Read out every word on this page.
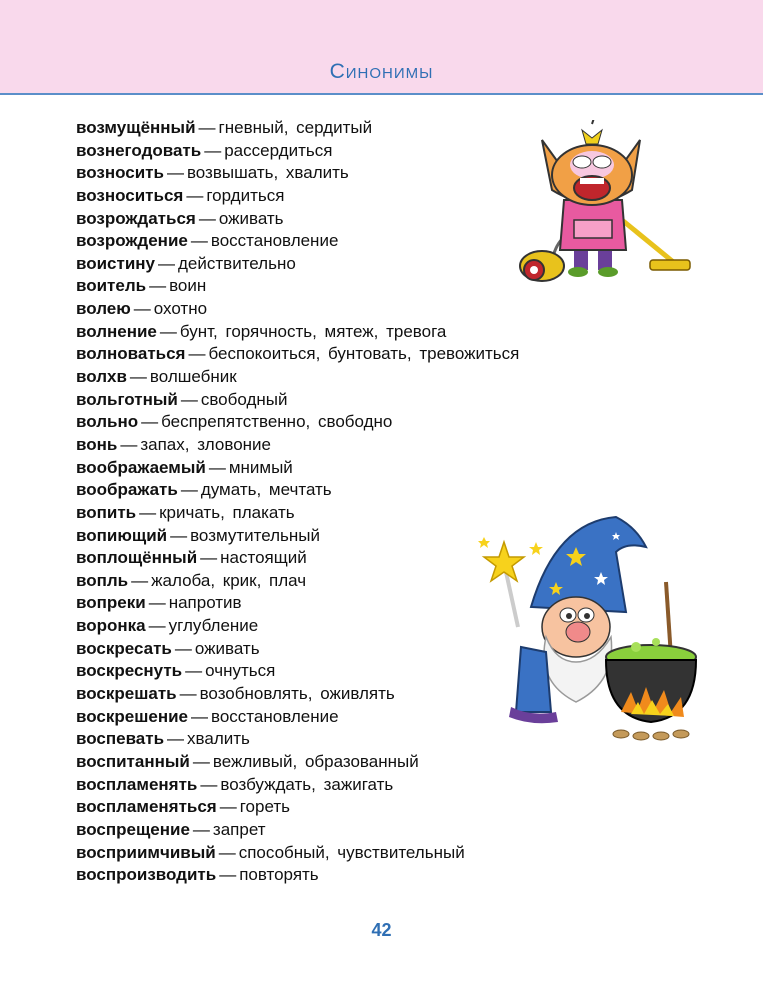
Синонимы
возмущённый — гневный, сердитый
вознегодовать — рассердиться
возносить — возвышать, хвалить
возноситься — гордиться
возрождаться — оживать
возрождение — восстановление
воистину — действительно
воитель — воин
волею — охотно
волнение — бунт, горячность, мятеж, тревога
волноваться — беспокоиться, бунтовать, тревожиться
волхв — волшебник
вольготный — свободный
вольно — беспрепятственно, свободно
вонь — запах, зловоние
воображаемый — мнимый
воображать — думать, мечтать
вопить — кричать, плакать
вопиющий — возмутительный
воплощённый — настоящий
вопль — жалоба, крик, плач
вопреки — напротив
воронка — углубление
воскресать — оживать
воскреснуть — очнуться
воскрешать — возобновлять, оживлять
воскрешение — восстановление
воспевать — хвалить
воспитанный — вежливый, образованный
воспламенять — возбуждать, зажигать
воспламеняться — гореть
воспрещение — запрет
восприимчивый — способный, чувствительный
воспроизводить — повторять
42
